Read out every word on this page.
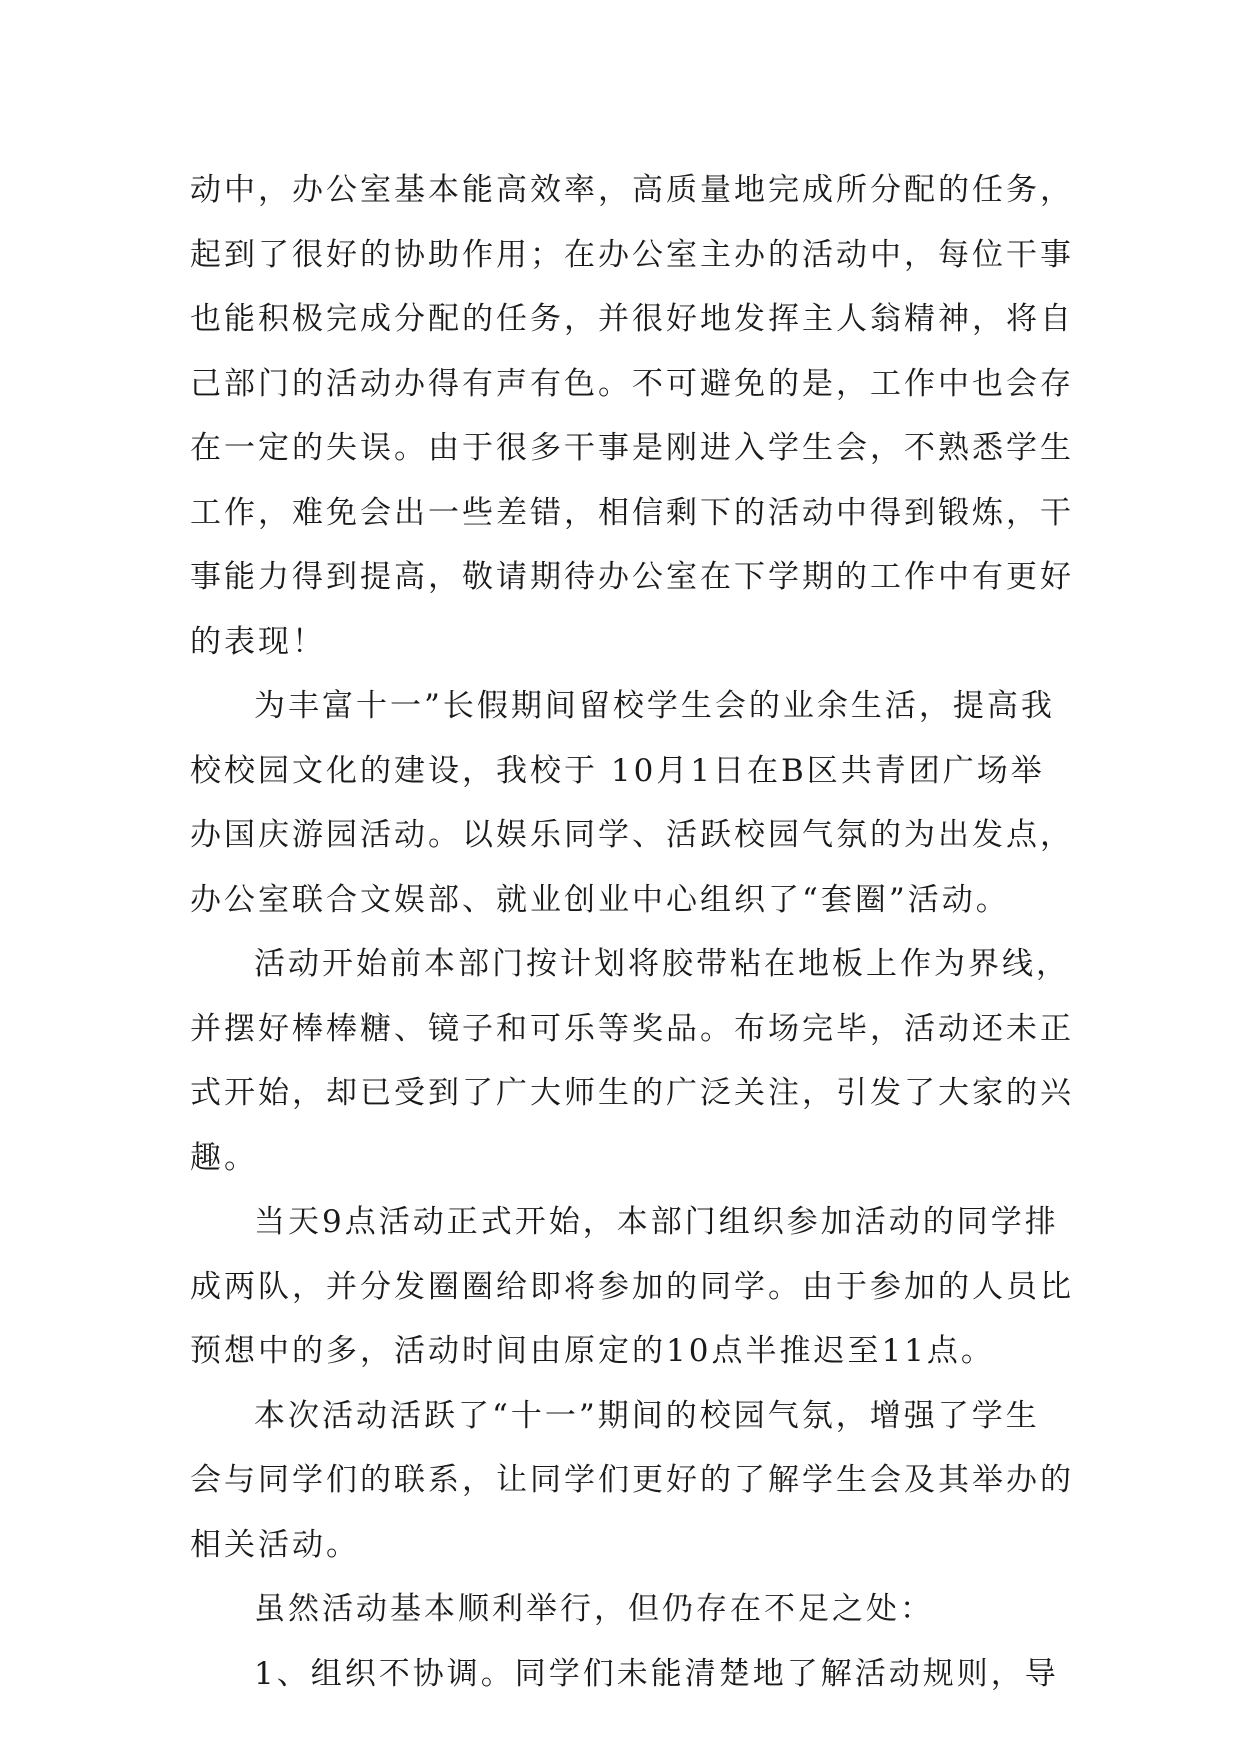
动中，办公室基本能高效率，高质量地完成所分配的任务，

起到了很好的协助作用；在办公室主办的活动中，每位干事

也能积极完成分配的任务，并很好地发挥主人翁精神，将自

己部门的活动办得有声有色。不可避免的是，工作中也会存

在一定的失误。由于很多干事是刚进入学生会，不熟悉学生

工作，难免会出一些差错，相信剩下的活动中得到锻炼，干

事能力得到提高，敬请期待办公室在下学期的工作中有更好

的表现！

为丰富十一”长假期间留校学生会的业余生活，提高我

校校园文化的建设，我校于 10月1日在B区共青团广场举

办国庆游园活动。以娱乐同学、活跃校园气氛的为出发点，

办公室联合文娱部、就业创业中心组织了“套圈”活动。

活动开始前本部门按计划将胶带粘在地板上作为界线，

并摆好棒棒糖、镜子和可乐等奖品。布场完毕，活动还未正

式开始，却已受到了广大师生的广泛关注，引发了大家的兴

趣。

当天9点活动正式开始，本部门组织参加活动的同学排

成两队，并分发圈圈给即将参加的同学。由于参加的人员比

预想中的多，活动时间由原定的10点半推迟至11点。

本次活动活跃了“十一”期间的校园气氛，增强了学生

会与同学们的联系，让同学们更好的了解学生会及其举办的

相关活动。

虽然活动基本顺利举行，但仍存在不足之处：

1、组织不协调。同学们未能清楚地了解活动规则，导
